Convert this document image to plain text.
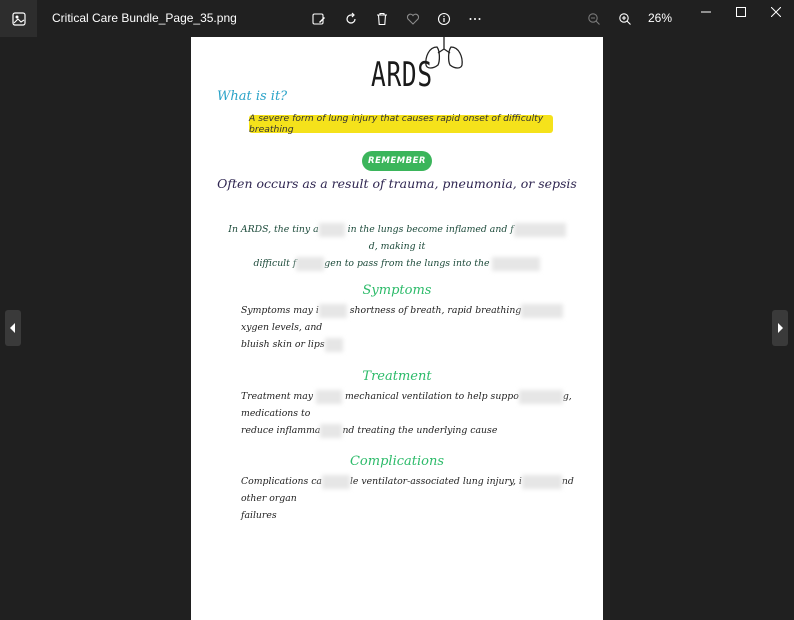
Critical Care Bundle_Page_35.png	26%
ARDS
What is it?
A severe form of lung injury that causes rapid onset of difficulty breathing
REMEMBER
Often occurs as a result of trauma, pneumonia, or sepsis
In ARDS, the tiny a	in the lungs become inflamed and fd, making it
difficult f	gen to pass from the lungs into the
Symptoms
Symptoms may i	shortness of breath, rapid breathingxygen levels, and
bluish skin or lips
Treatment
Treatment may	mechanical ventilation to help suppo	g, medications to
reduce inflamma nd treating the underlying cause
Complications
Complications ca	le ventilator-associated lung injury, i	nd other organ
failures
